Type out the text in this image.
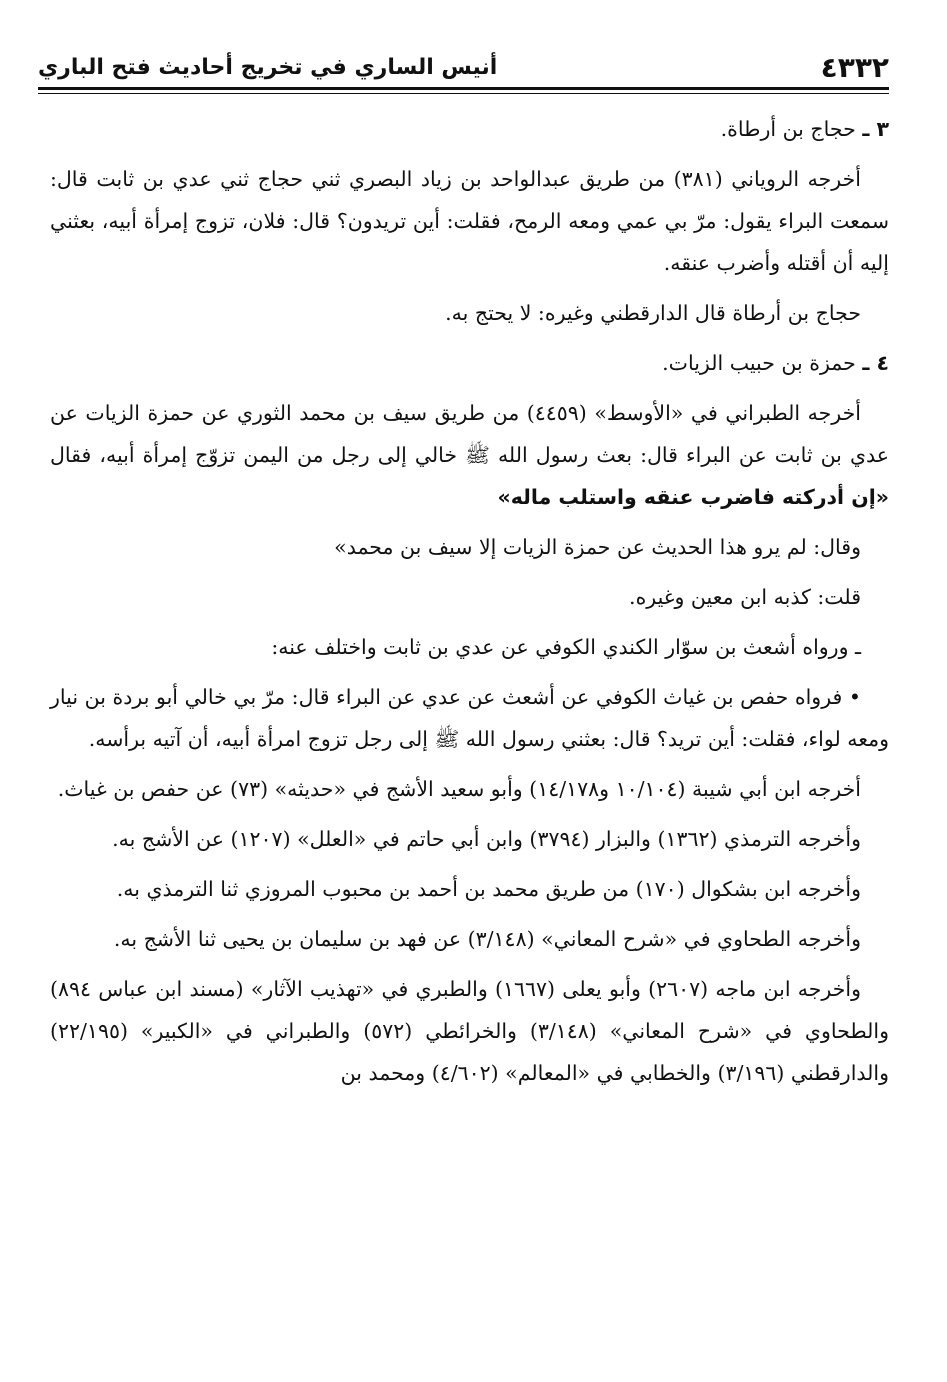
٤٣٣٢
أنيس الساري في تخريج أحاديث فتح الباري

٣ ـ حجاج بن أرطاة.

أخرجه الروياني (٣٨١) من طريق عبدالواحد بن زياد البصري ثني حجاج ثني عدي بن ثابت قال: سمعت البراء يقول: مرّ بي عمي ومعه الرمح، فقلت: أين تريدون؟ قال: فلان، تزوج إمرأة أبيه، بعثني إليه أن أقتله وأضرب عنقه.

حجاج بن أرطاة قال الدارقطني وغيره: لا يحتج به.

٤ ـ حمزة بن حبيب الزيات.

أخرجه الطبراني في «الأوسط» (٤٤٥٩) من طريق سيف بن محمد الثوري عن حمزة الزيات عن عدي بن ثابت عن البراء قال: بعث رسول الله ﷺ خالي إلى رجل من اليمن تزوّج إمرأة أبيه، فقال «إن أدركته فاضرب عنقه واستلب ماله»

وقال: لم يرو هذا الحديث عن حمزة الزيات إلا سيف بن محمد»

قلت: كذبه ابن معين وغيره.

ـ ورواه أشعث بن سوّار الكندي الكوفي عن عدي بن ثابت واختلف عنه:

• فرواه حفص بن غياث الكوفي عن أشعث عن عدي عن البراء قال: مرّ بي خالي أبو بردة بن نيار ومعه لواء، فقلت: أين تريد؟ قال: بعثني رسول الله ﷺ إلى رجل تزوج امرأة أبيه، أن آتيه برأسه.

أخرجه ابن أبي شيبة (١٠/١٠٤ و١٤/١٧٨) وأبو سعيد الأشج في «حديثه» (٧٣) عن حفص بن غياث.

وأخرجه الترمذي (١٣٦٢) والبزار (٣٧٩٤) وابن أبي حاتم في «العلل» (١٢٠٧) عن الأشج به.

وأخرجه ابن بشكوال (١٧٠) من طريق محمد بن أحمد بن محبوب المروزي ثنا الترمذي به.

وأخرجه الطحاوي في «شرح المعاني» (٣/١٤٨) عن فهد بن سليمان بن يحيى ثنا الأشج به.

وأخرجه ابن ماجه (٢٦٠٧) وأبو يعلى (١٦٦٧) والطبري في «تهذيب الآثار» (مسند ابن عباس ٨٩٤) والطحاوي في «شرح المعاني» (٣/١٤٨) والخرائطي (٥٧٢) والطبراني في «الكبير» (٢٢/١٩٥) والدارقطني (٣/١٩٦) والخطابي في «المعالم» (٤/٦٠٢) ومحمد بن
